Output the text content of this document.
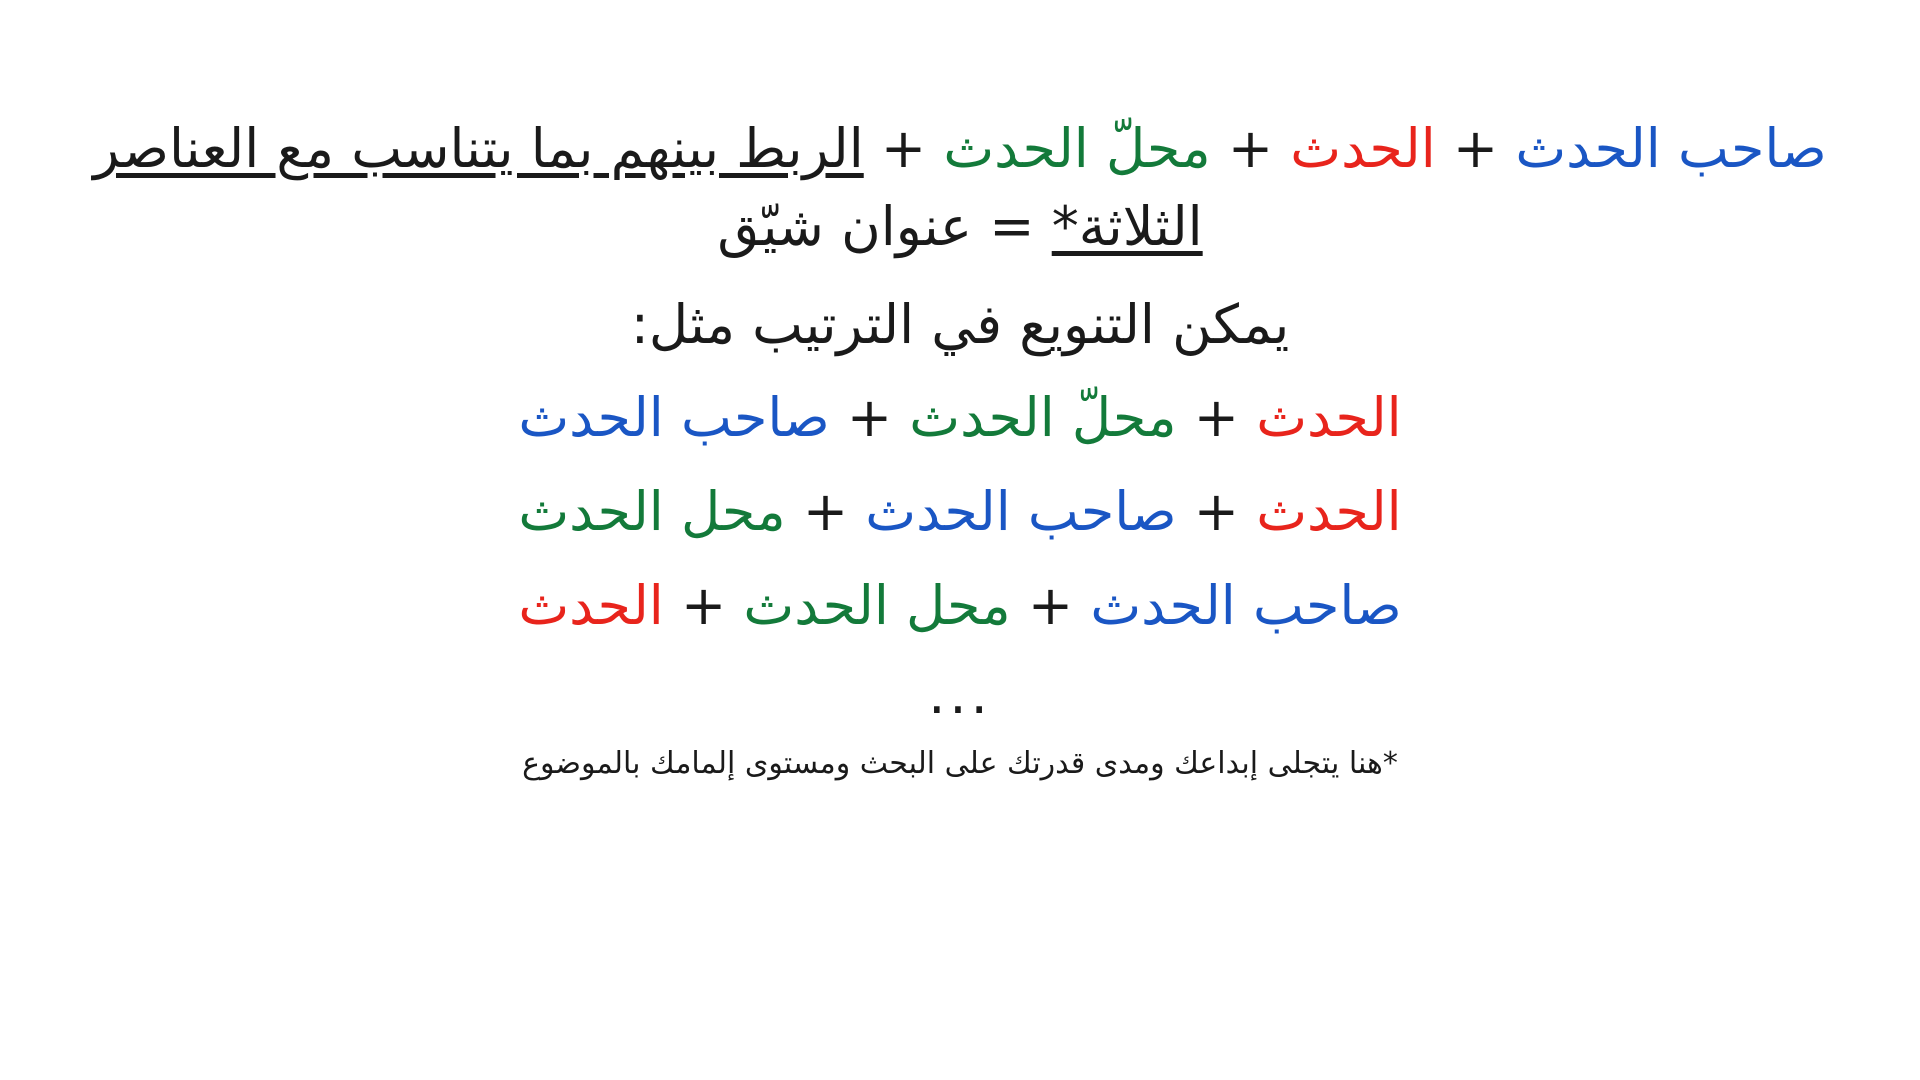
صاحب الحدث + الحدث + محلّ الحدث + الربط بينهم بما يتناسب مع العناصر الثلاثة* = عنوان شيّق
يمكن التنويع في الترتيب مثل:
الحدث + محلّ الحدث + صاحب الحدث
الحدث + صاحب الحدث + محل الحدث
صاحب الحدث + محل الحدث + الحدث
...
*هنا يتجلى إبداعك ومدى قدرتك على البحث ومستوى إلمامك بالموضوع
